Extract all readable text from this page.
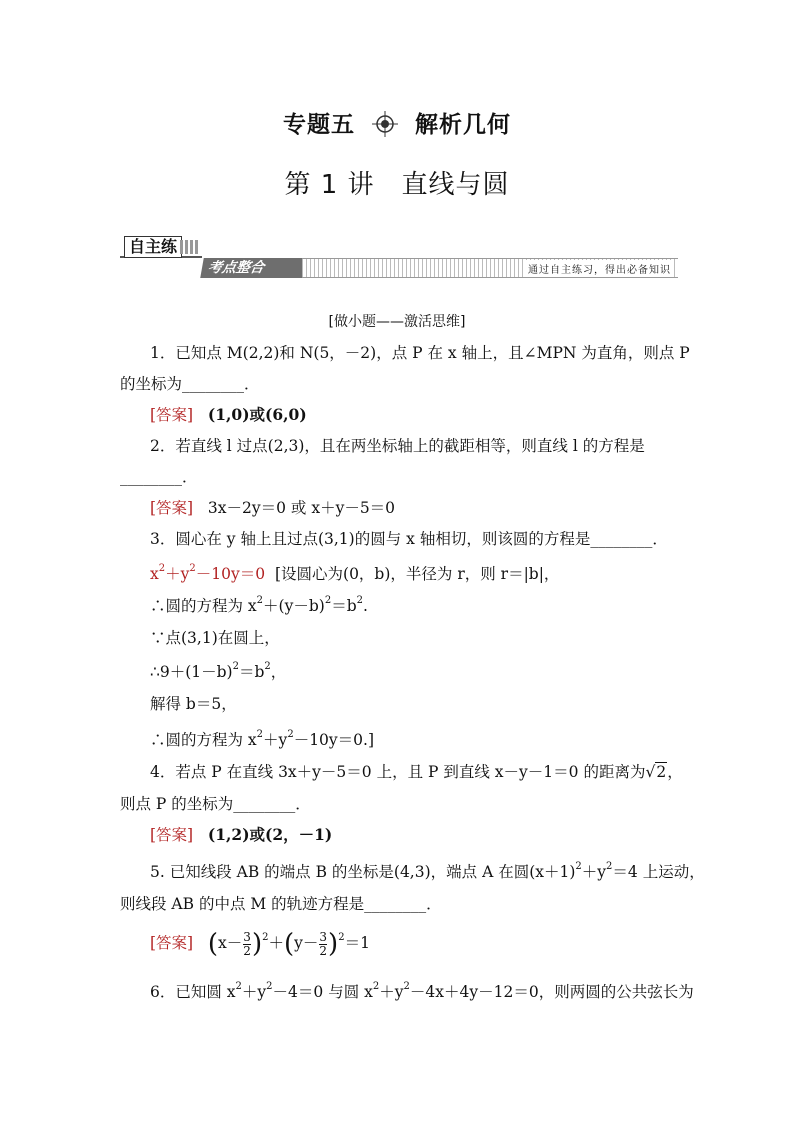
专题五	解析几何
第 1 讲　直线与圆
自主练
考点整合	通过自主练习，得出必备知识
[做小题——激活思维]
1．已知点 M(2,2)和 N(5，－2)，点 P 在 x 轴上，且∠MPN 为直角，则点 P
的坐标为________．
[答案] (1,0)或(6,0)
2．若直线 l 过点(2,3)，且在两坐标轴上的截距相等，则直线 l 的方程是
________．
[答案] 3x－2y＝0 或 x＋y－5＝0
3．圆心在 y 轴上且过点(3,1)的圆与 x 轴相切，则该圆的方程是________．
$x^2+y^2-10y=0$ [设圆心为(0，b)，半径为 r，则 r＝|b|，
∴圆的方程为 $x^2+(y-b)^2=b^2$.
∵点(3,1)在圆上，
$\therefore 9+(1-b)^2=b^2$，
解得 b＝5，
∴圆的方程为 $x^2+y^2-10y=0$.]
4．若点 P 在直线 3x＋y－5＝0 上，且 P 到直线 x－y－1＝0 的距离为√2，
则点 P 的坐标为________．
[答案] (1,2)或(2，－1)
5. 已知线段 AB 的端点 B 的坐标是(4,3)，端点 A 在圆$(x+1)^2+y^2=4$ 上运动，
则线段 AB 的中点 M 的轨迹方程是________．
[答案] $(x- \frac{3}{2} )^2+(y- \frac{3}{2} )^2=1$
6．已知圆 $x^2+y^2-4=0$ 与圆 $x^2+y^2-4x+4y-12=0$，则两圆的公共弦长为
